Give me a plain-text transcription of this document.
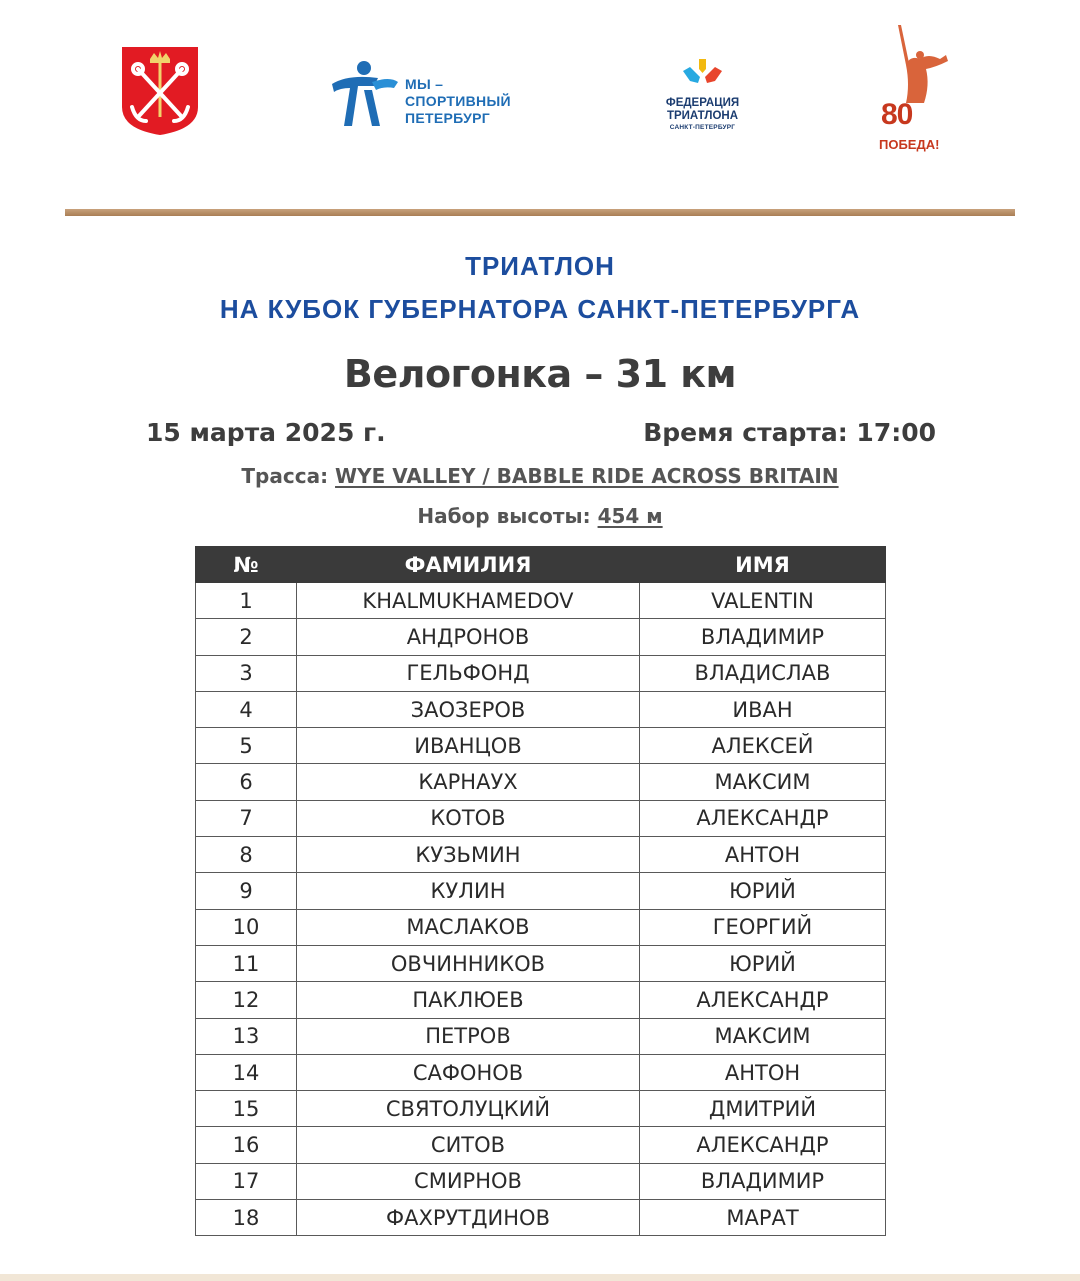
МЫ –
СПОРТИВНЫЙ
ПЕТЕРБУРГ
ФЕДЕРАЦИЯ
ТРИАТЛОНА
САНКТ-ПЕТЕРБУРГ	80
ПОБЕДА!
ТРИАТЛОН
НА КУБОК ГУБЕРНАТОРА САНКТ-ПЕТЕРБУРГА
Велогонка – 31 км
15 марта 2025 г.	Время старта: 17:00
Трасса: WYE VALLEY / BABBLE RIDE ACROSS BRITAIN
Набор высоты: 454 м
№	ФАМИЛИЯ	ИМЯ
1	KHALMUKHAMEDOV	VALENTIN
2	АНДРОНОВ	ВЛАДИМИР
3	ГЕЛЬФОНД	ВЛАДИСЛАВ
4	ЗАОЗЕРОВ	ИВАН
5	ИВАНЦОВ	АЛЕКСЕЙ
6	КАРНАУХ	МАКСИМ
7	КОТОВ	АЛЕКСАНДР
8	КУЗЬМИН	АНТОН
9	КУЛИН	ЮРИЙ
10	МАСЛАКОВ	ГЕОРГИЙ
11	ОВЧИННИКОВ	ЮРИЙ
12	ПАКЛЮЕВ	АЛЕКСАНДР
13	ПЕТРОВ	МАКСИМ
14	САФОНОВ	АНТОН
15	СВЯТОЛУЦКИЙ	ДМИТРИЙ
16	СИТОВ	АЛЕКСАНДР
17	СМИРНОВ	ВЛАДИМИР
18	ФАХРУТДИНОВ	МАРАТ
